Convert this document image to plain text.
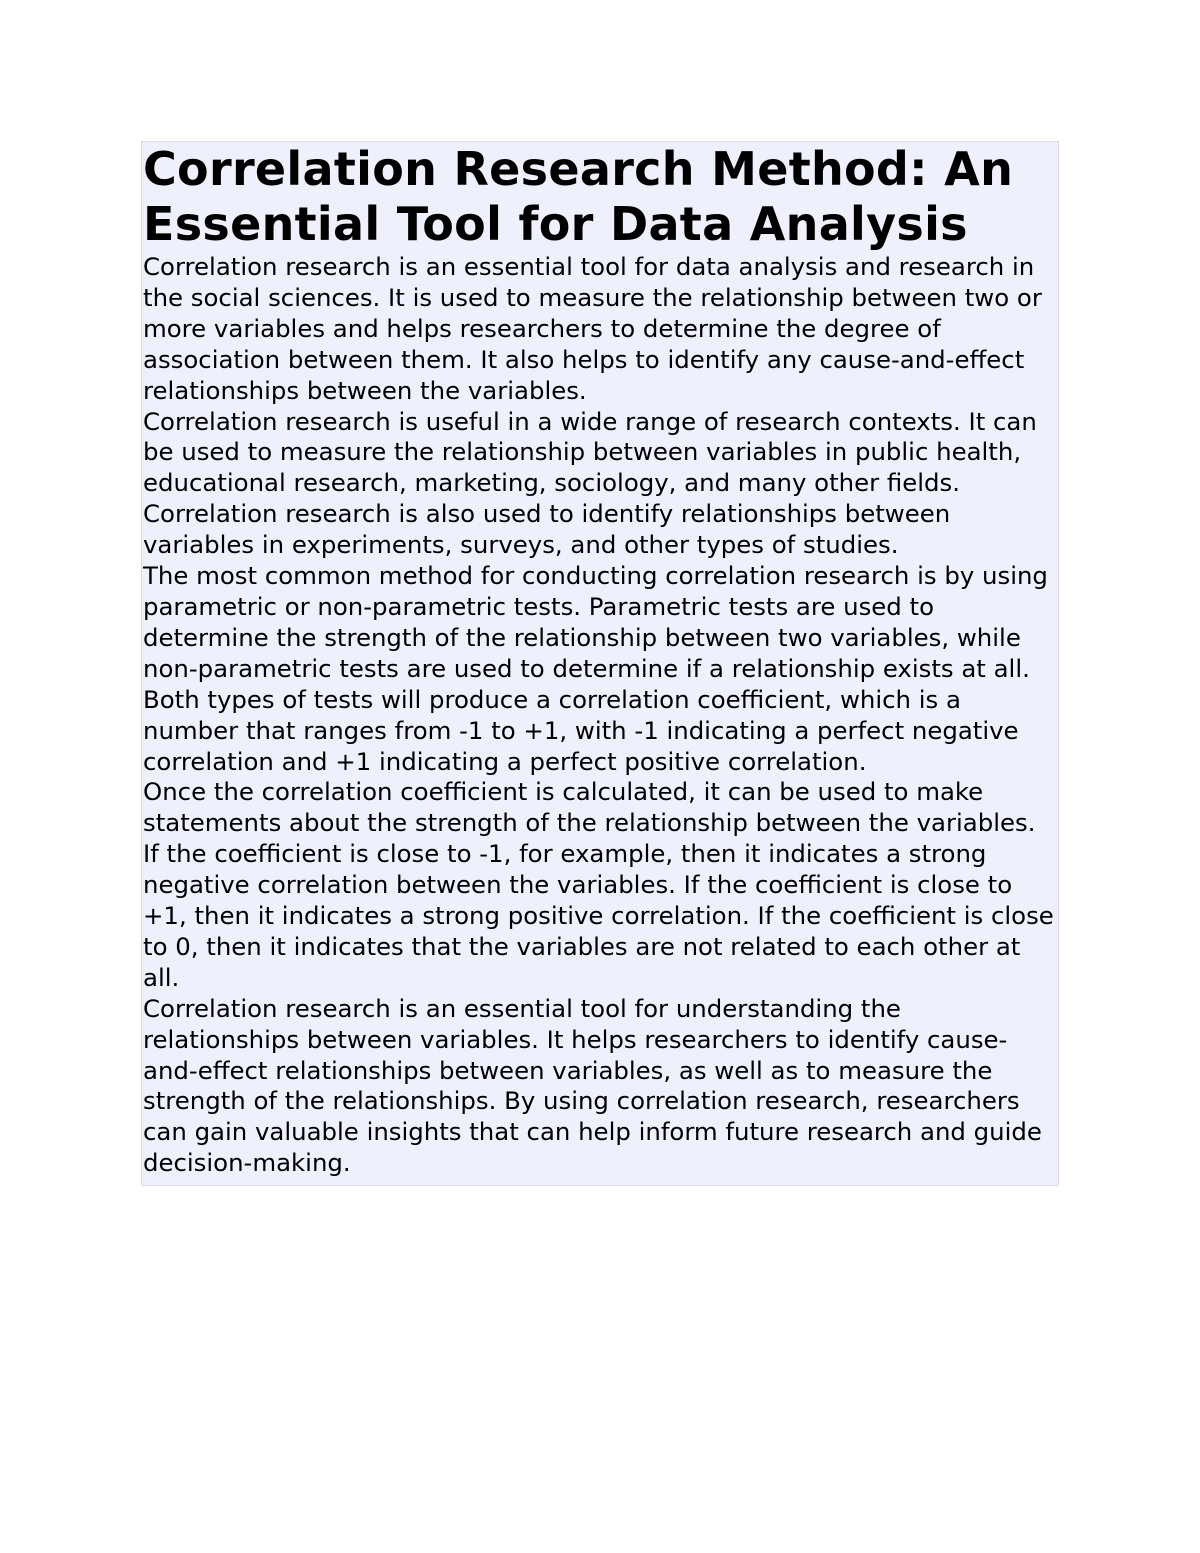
Correlation Research Method: An Essential Tool for Data Analysis

Correlation research is an essential tool for data analysis and research in the social sciences. It is used to measure the relationship between two or more variables and helps researchers to determine the degree of association between them. It also helps to identify any cause-and-effect relationships between the variables.

Correlation research is useful in a wide range of research contexts. It can be used to measure the relationship between variables in public health, educational research, marketing, sociology, and many other fields. Correlation research is also used to identify relationships between variables in experiments, surveys, and other types of studies.

The most common method for conducting correlation research is by using parametric or non-parametric tests. Parametric tests are used to determine the strength of the relationship between two variables, while non-parametric tests are used to determine if a relationship exists at all. Both types of tests will produce a correlation coefficient, which is a number that ranges from -1 to +1, with -1 indicating a perfect negative correlation and +1 indicating a perfect positive correlation.

Once the correlation coefficient is calculated, it can be used to make statements about the strength of the relationship between the variables. If the coefficient is close to -1, for example, then it indicates a strong negative correlation between the variables. If the coefficient is close to +1, then it indicates a strong positive correlation. If the coefficient is close to 0, then it indicates that the variables are not related to each other at all.

Correlation research is an essential tool for understanding the relationships between variables. It helps researchers to identify cause-and-effect relationships between variables, as well as to measure the strength of the relationships. By using correlation research, researchers can gain valuable insights that can help inform future research and guide decision-making.
